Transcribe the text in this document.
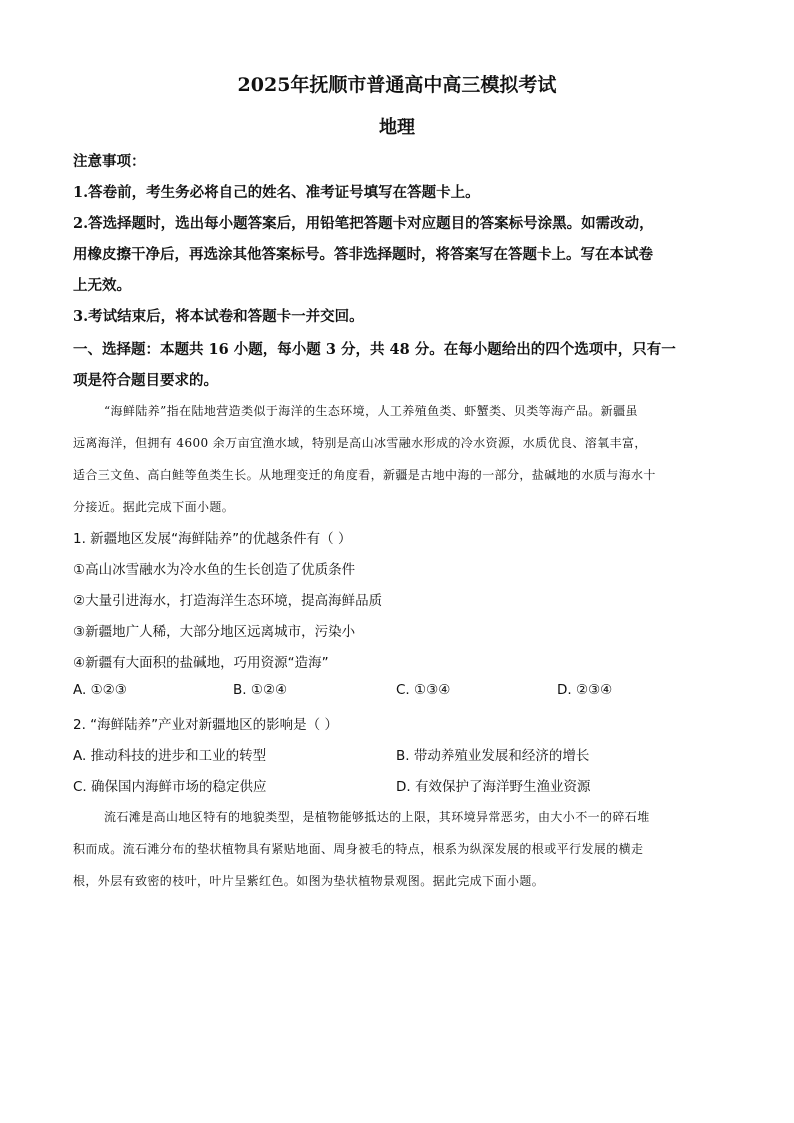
2025年抚顺市普通高中高三模拟考试
地理
注意事项：
1.答卷前，考生务必将自己的姓名、准考证号填写在答题卡上。
2.答选择题时，选出每小题答案后，用铅笔把答题卡对应题目的答案标号涂黑。如需改动，
用橡皮擦干净后，再选涂其他答案标号。答非选择题时，将答案写在答题卡上。写在本试卷
上无效。
3.考试结束后，将本试卷和答题卡一并交回。
一、选择题：本题共 16 小题，每小题 3 分，共 48 分。在每小题给出的四个选项中，只有一
项是符合题目要求的。
“海鲜陆养”指在陆地营造类似于海洋的生态环境，人工养殖鱼类、虾蟹类、贝类等海产品。新疆虽
远离海洋，但拥有 4600 余万亩宜渔水域，特别是高山冰雪融水形成的冷水资源，水质优良、溶氧丰富，
适合三文鱼、高白鲑等鱼类生长。从地理变迁的角度看，新疆是古地中海的一部分，盐碱地的水质与海水十
分接近。据此完成下面小题。
1. 新疆地区发展“海鲜陆养”的优越条件有（ ）
①高山冰雪融水为冷水鱼的生长创造了优质条件
②大量引进海水，打造海洋生态环境，提高海鲜品质
③新疆地广人稀，大部分地区远离城市，污染小
④新疆有大面积的盐碱地，巧用资源“造海”
A. ①②③	B. ①②④	C. ①③④	D. ②③④
2. “海鲜陆养”产业对新疆地区的影响是（ ）
A. 推动科技的进步和工业的转型	B. 带动养殖业发展和经济的增长
C. 确保国内海鲜市场的稳定供应	D. 有效保护了海洋野生渔业资源
流石滩是高山地区特有的地貌类型，是植物能够抵达的上限，其环境异常恶劣，由大小不一的碎石堆
积而成。流石滩分布的垫状植物具有紧贴地面、周身被毛的特点，根系为纵深发展的根或平行发展的横走
根，外层有致密的枝叶，叶片呈紫红色。如图为垫状植物景观图。据此完成下面小题。
